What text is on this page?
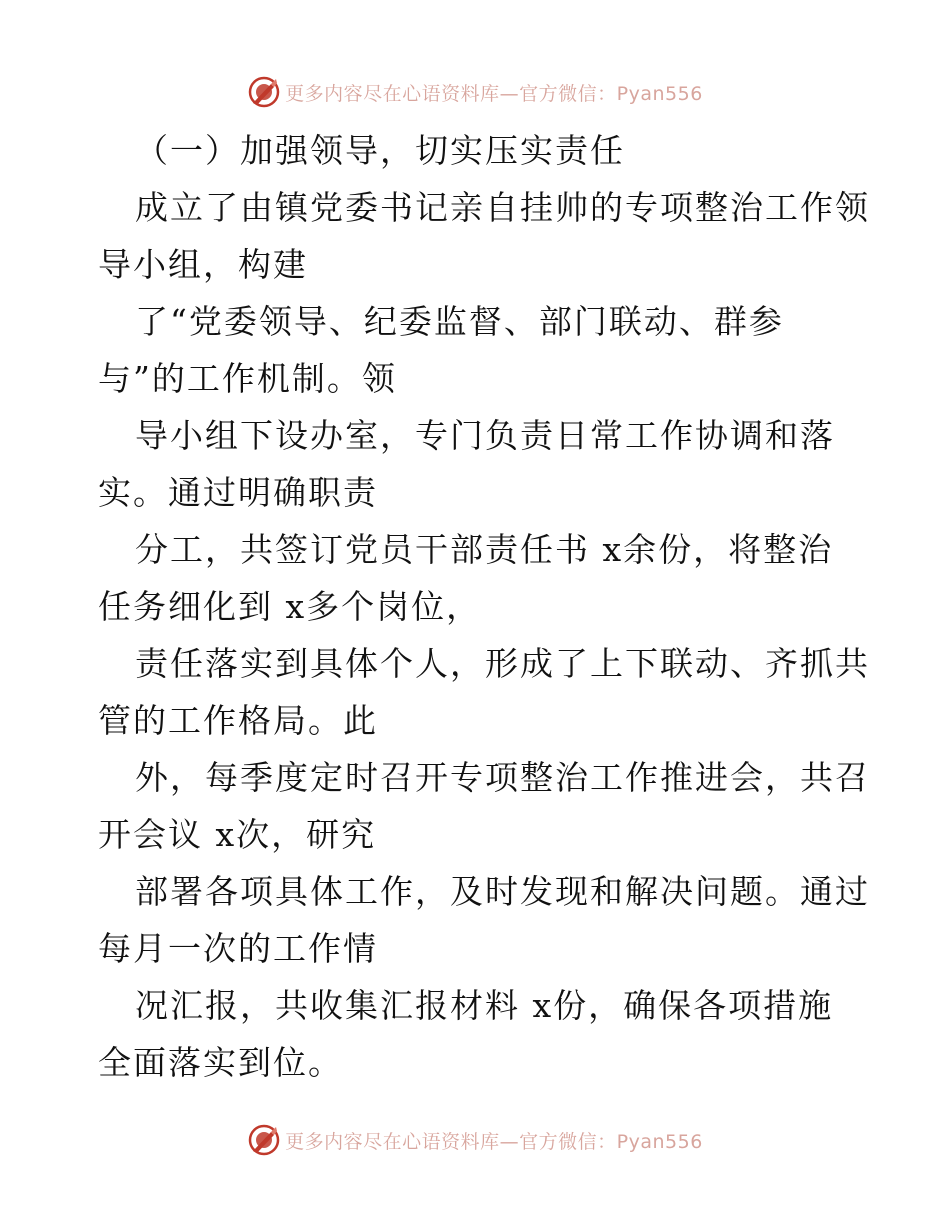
更多内容尽在心语资料库—官方微信：Pyan556
（一）加强领导，切实压实责任
成立了由镇党委书记亲自挂帅的专项整治工作领
导小组，构建
了“党委领导、纪委监督、部门联动、群参
与”的工作机制。领
导小组下设办室，专门负责日常工作协调和落
实。通过明确职责
分工，共签订党员干部责任书 x余份，将整治
任务细化到 x多个岗位，
责任落实到具体个人，形成了上下联动、齐抓共
管的工作格局。此
外，每季度定时召开专项整治工作推进会，共召
开会议 x次，研究
部署各项具体工作，及时发现和解决问题。通过
每月一次的工作情
况汇报，共收集汇报材料 x份，确保各项措施
全面落实到位。
更多内容尽在心语资料库—官方微信：Pyan556
